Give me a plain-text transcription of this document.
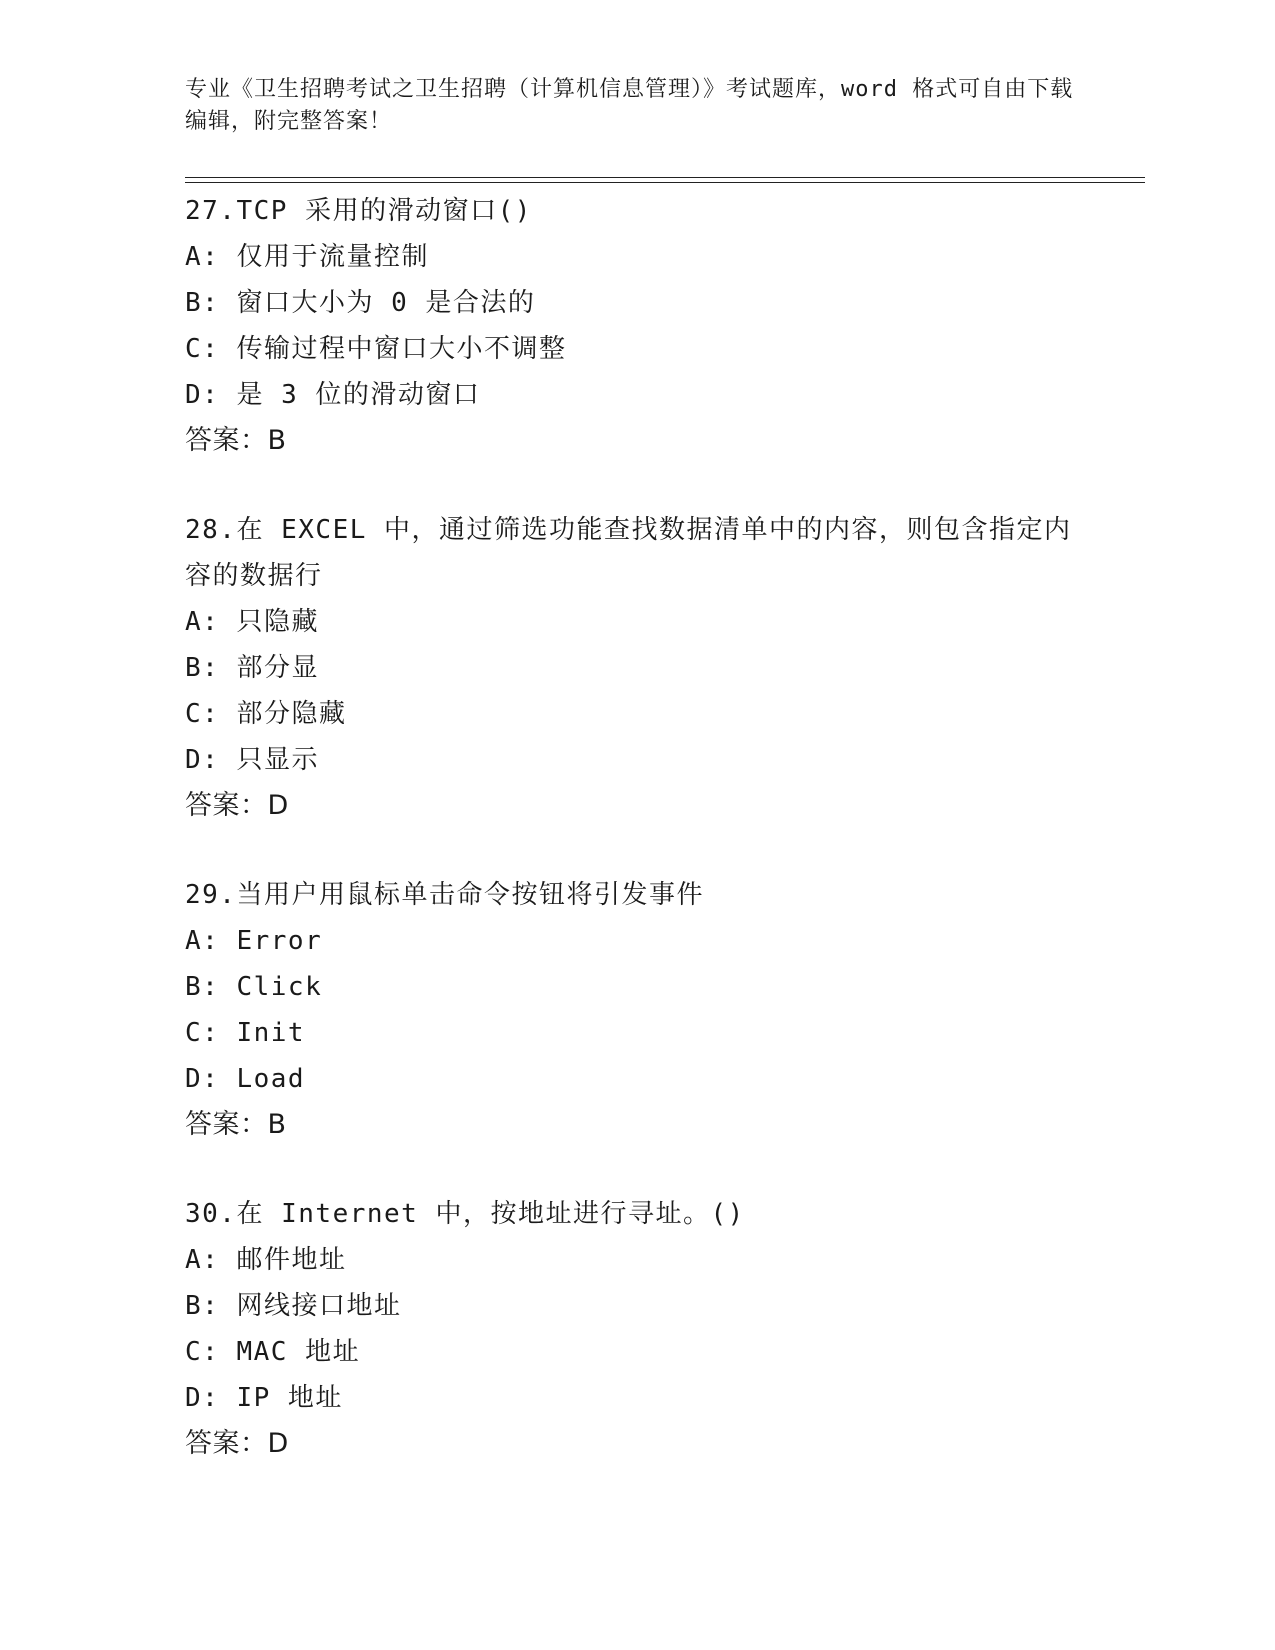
专业《卫生招聘考试之卫生招聘（计算机信息管理）》考试题库，word 格式可自由下载编辑，附完整答案！
27.TCP 采用的滑动窗口()
A: 仅用于流量控制
B: 窗口大小为 0 是合法的
C: 传输过程中窗口大小不调整
D: 是 3 位的滑动窗口
答案：B
28.在 EXCEL 中，通过筛选功能查找数据清单中的内容，则包含指定内容的数据行
A: 只隐藏
B: 部分显
C: 部分隐藏
D: 只显示
答案：D
29.当用户用鼠标单击命令按钮将引发事件
A: Error
B: Click
C: Init
D: Load
答案：B
30.在 Internet 中，按地址进行寻址。()
A: 邮件地址
B: 网线接口地址
C: MAC 地址
D: IP 地址
答案：D
